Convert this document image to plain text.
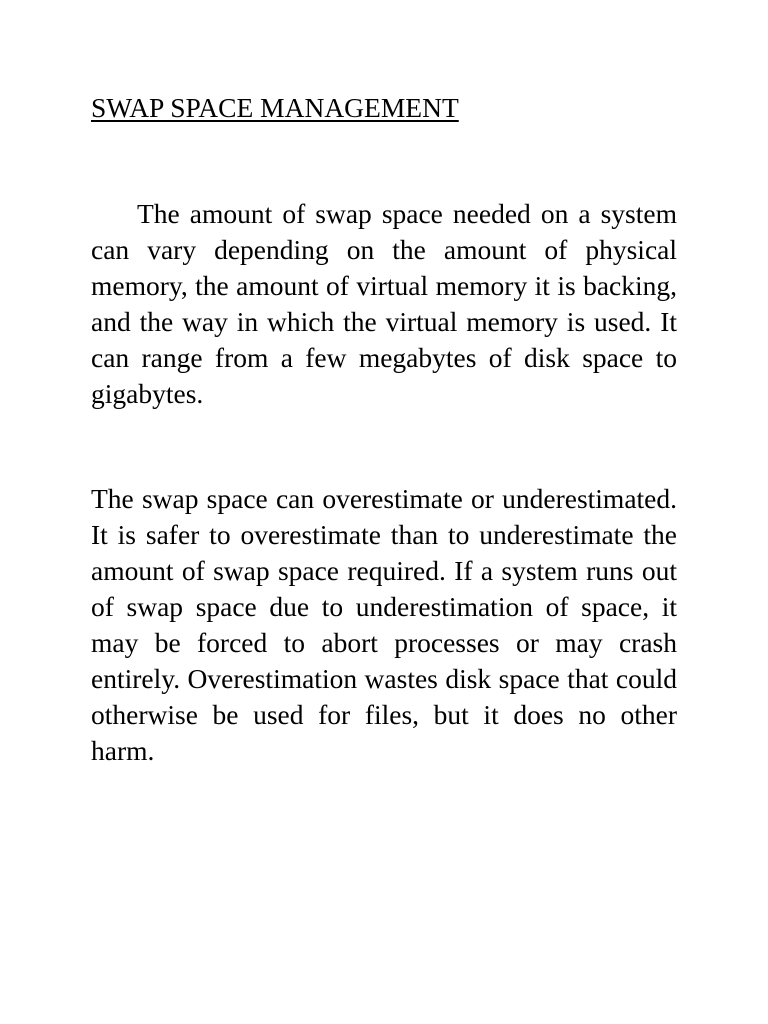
SWAP SPACE MANAGEMENT

The amount of swap space needed on a system can vary depending on the amount of physical memory, the amount of virtual memory it is backing, and the way in which the virtual memory is used. It can range from a few megabytes of disk space to gigabytes.

The swap space can overestimate or underestimated. It is safer to overestimate than to underestimate the amount of swap space required. If a system runs out of swap space due to underestimation of space, it may be forced to abort processes or may crash entirely. Overestimation wastes disk space that could otherwise be used for files, but it does no other harm.
